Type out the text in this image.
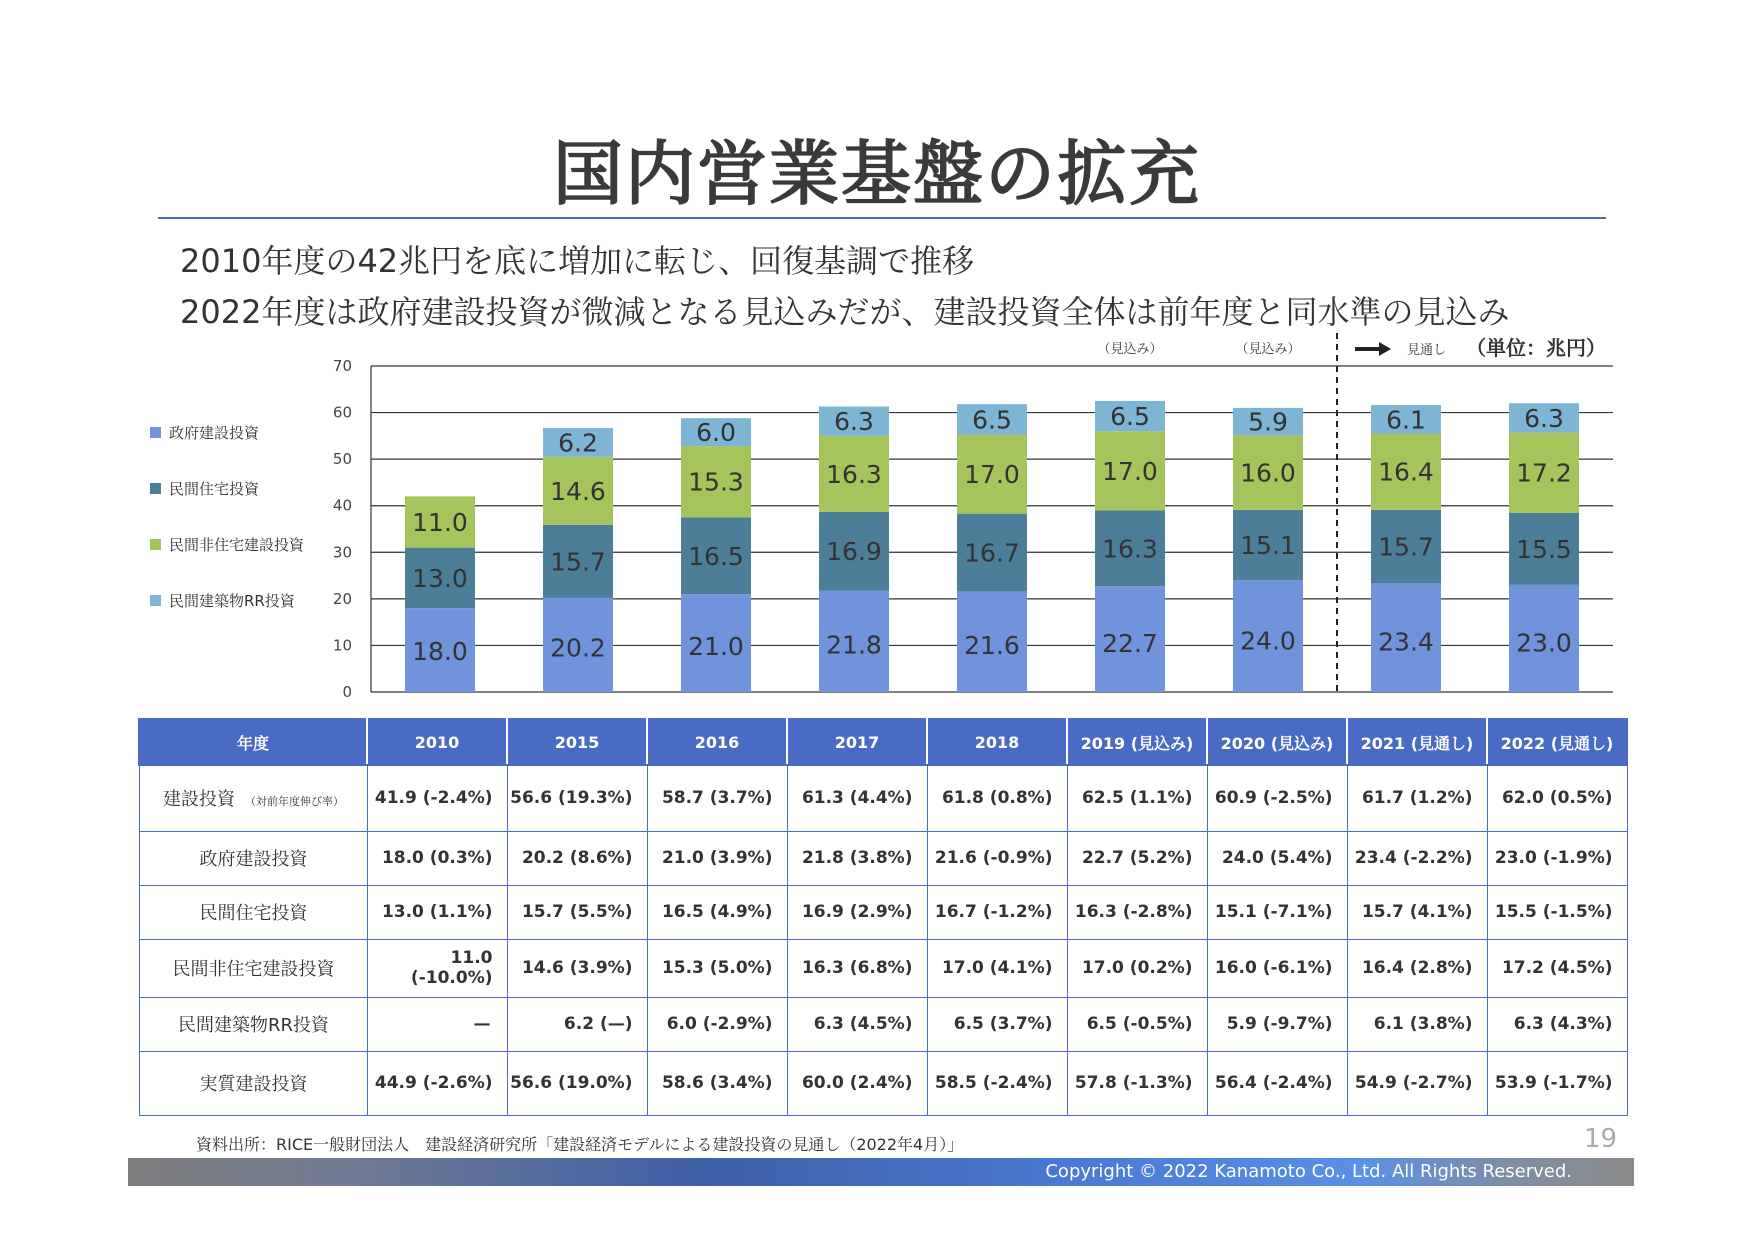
国内営業基盤の拡充
2010年度の42兆円を底に増加に転じ、回復基調で推移
2022年度は政府建設投資が微減となる見込みだが、建設投資全体は前年度と同水準の見込み
0
10
20
30
40
50
60
70
18.0
13.0
11.0
20.2
15.7
14.6
6.2
21.0
16.5
15.3
6.0
21.8
16.9
16.3
6.3
21.6
16.7
17.0
6.5
22.7
16.3
17.0
6.5
24.0
15.1
16.0
5.9
23.4
15.7
16.4
6.1
23.0
15.5
17.2
6.3
（見込み）	（見込み）	見通し （単位：兆円）
政府建設投資
民間住宅投資
民間非住宅建設投資
民間建築物RR投資
年度	2010	2015	2016	2017	2018	2019 (見込み)	2020 (見込み)	2021 (見通し)	2022 (見通し)
建設投資 （対前年度伸び率）	41.9 (-2.4%)	56.6 (19.3%)	58.7 (3.7%)	61.3 (4.4%)	61.8 (0.8%)	62.5 (1.1%)	60.9 (-2.5%)	61.7 (1.2%)	62.0 (0.5%)
政府建設投資	18.0 (0.3%)	20.2 (8.6%)	21.0 (3.9%)	21.8 (3.8%)	21.6 (-0.9%)	22.7 (5.2%)	24.0 (5.4%)	23.4 (-2.2%)	23.0 (-1.9%)
民間住宅投資	13.0 (1.1%)	15.7 (5.5%)	16.5 (4.9%)	16.9 (2.9%)	16.7 (-1.2%)	16.3 (-2.8%)	15.1 (-7.1%)	15.7 (4.1%)	15.5 (-1.5%)
民間非住宅建設投資	11.0 (-10.0%)	14.6 (3.9%)	15.3 (5.0%)	16.3 (6.8%)	17.0 (4.1%)	17.0 (0.2%)	16.0 (-6.1%)	16.4 (2.8%)	17.2 (4.5%)
民間建築物RR投資	—	6.2 (—)	6.0 (-2.9%)	6.3 (4.5%)	6.5 (3.7%)	6.5 (-0.5%)	5.9 (-9.7%)	6.1 (3.8%)	6.3 (4.3%)
実質建設投資	44.9 (-2.6%)	56.6 (19.0%)	58.6 (3.4%)	60.0 (2.4%)	58.5 (-2.4%)	57.8 (-1.3%)	56.4 (-2.4%)	54.9 (-2.7%)	53.9 (-1.7%)
資料出所：RICE一般財団法人　建設経済研究所「建設経済モデルによる建設投資の見通し（2022年4月）」	19
Copyright © 2022 Kanamoto Co., Ltd. All Rights Reserved.
